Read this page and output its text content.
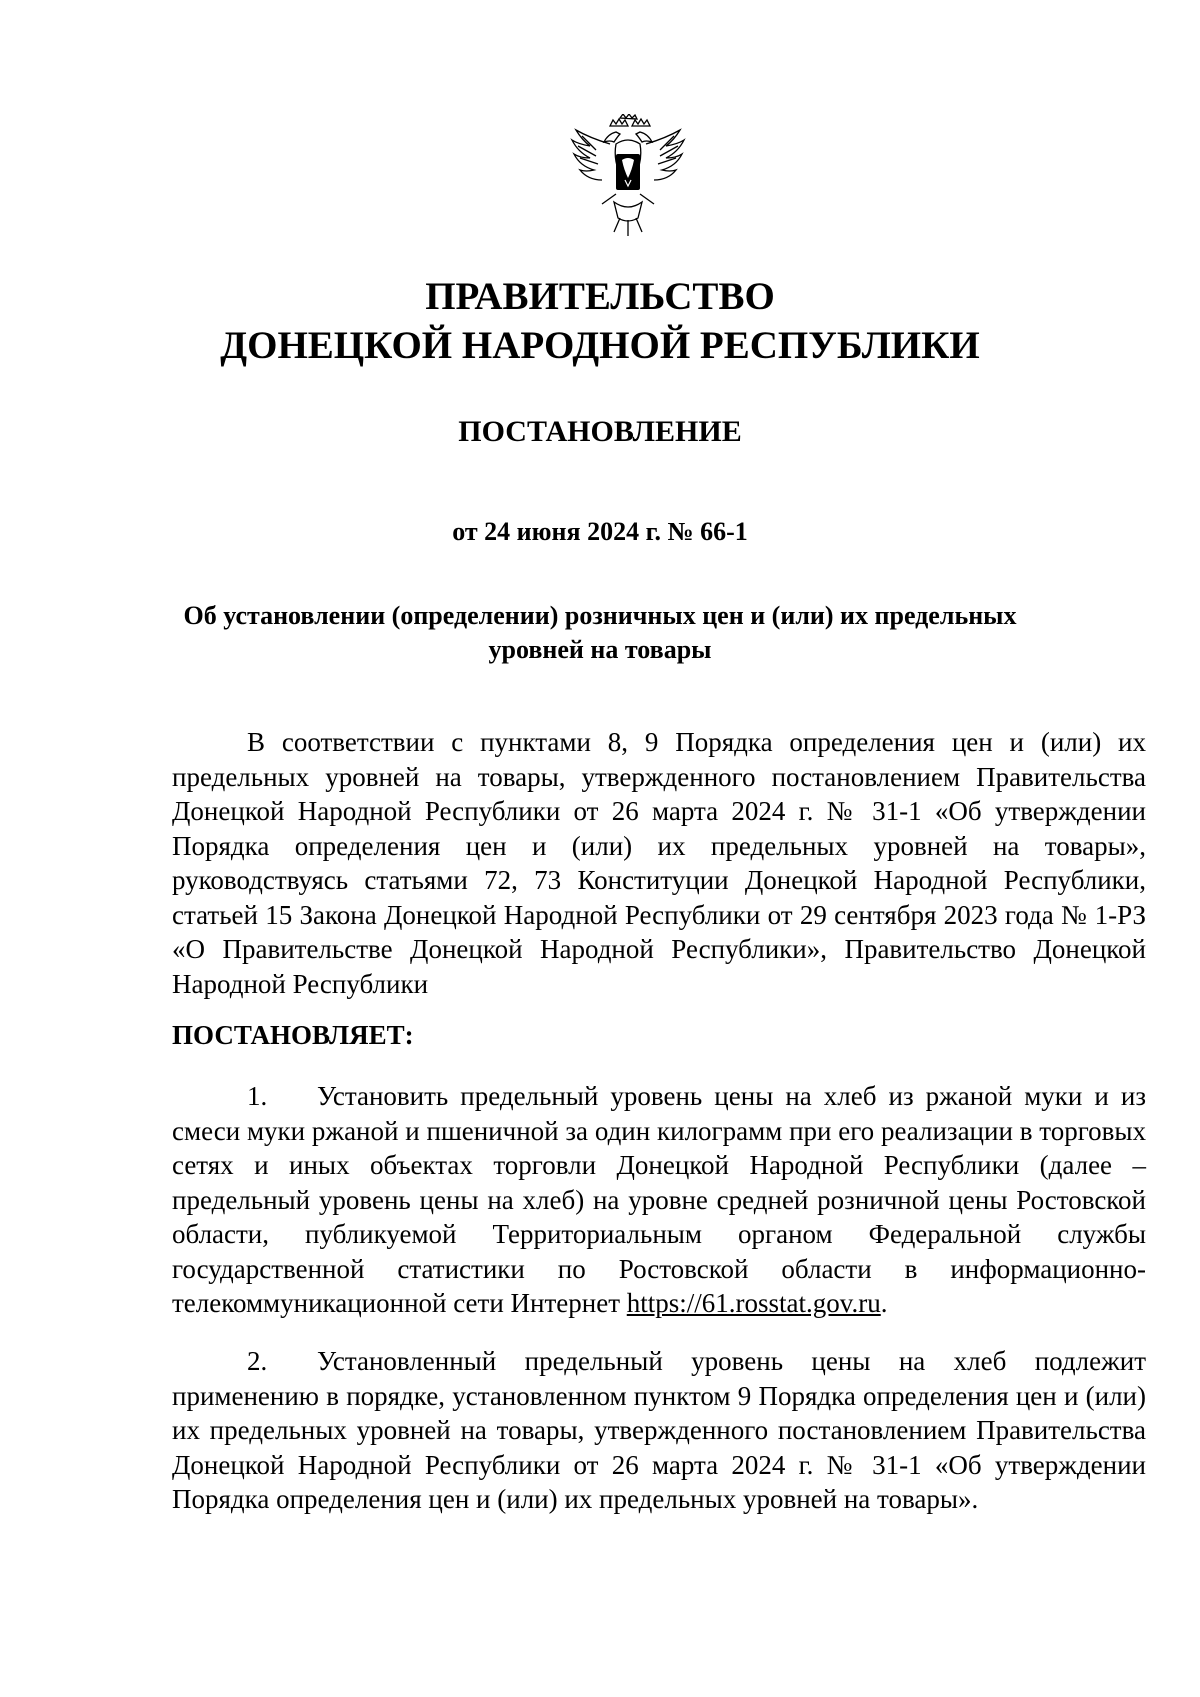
ПРАВИТЕЛЬСТВО
ДОНЕЦКОЙ НАРОДНОЙ РЕСПУБЛИКИ
ПОСТАНОВЛЕНИЕ
от 24 июня 2024 г. № 66-1
Об установлении (определении) розничных цен и (или) их предельных
уровней на товары

В соответствии с пунктами 8, 9 Порядка определения цен и (или) их предельных уровней на товары, утвержденного постановлением Правительства Донецкой Народной Республики от 26 марта 2024 г. № 31-1 «Об утверждении Порядка определения цен и (или) их предельных уровней на товары», руководствуясь статьями 72, 73 Конституции Донецкой Народной Республики, статьей 15 Закона Донецкой Народной Республики от 29 сентября 2023 года № 1-РЗ «О Правительстве Донецкой Народной Республики», Правительство Донецкой Народной Республики

ПОСТАНОВЛЯЕТ:

1. Установить предельный уровень цены на хлеб из ржаной муки и из смеси муки ржаной и пшеничной за один килограмм при его реализации в торговых сетях и иных объектах торговли Донецкой Народной Республики (далее – предельный уровень цены на хлеб) на уровне средней розничной цены Ростовской области, публикуемой Территориальным органом Федеральной службы государственной статистики по Ростовской области в информационно-телекоммуникационной сети Интернет https://61.rosstat.gov.ru.

2. Установленный предельный уровень цены на хлеб подлежит применению в порядке, установленном пунктом 9 Порядка определения цен и (или) их предельных уровней на товары, утвержденного постановлением Правительства Донецкой Народной Республики от 26 марта 2024 г. № 31-1 «Об утверждении Порядка определения цен и (или) их предельных уровней на товары».
